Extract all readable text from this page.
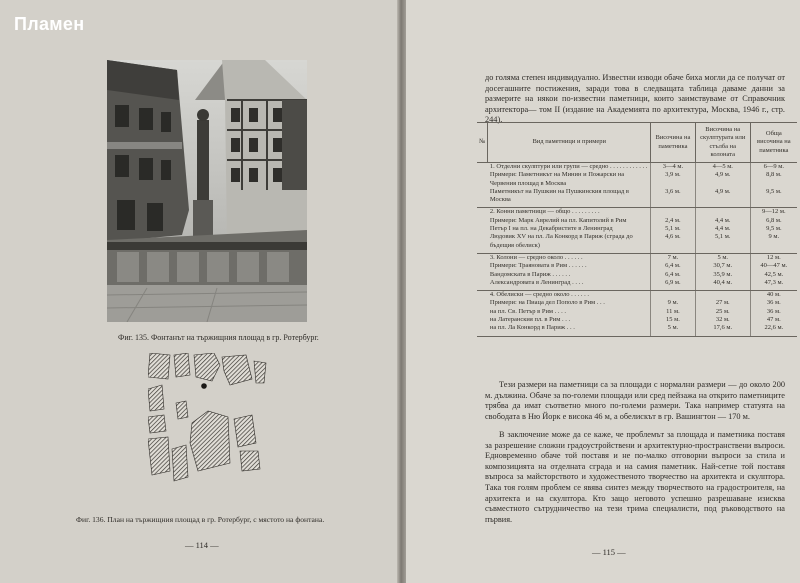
Пламен
Фиг. 135. Фонтанът на тържищния площад в гр. Ротербург.
Фиг. 136. План на тържищния площад в гр. Ротербург, с мястото на фонтана.
— 114 —

до голяма степен индивидуално. Известни изводи обаче биха могли да се получат от досегашните постижения, заради това в следващата таблица даваме данни за размерите на някои по-известни паметници, които заимствуваме от Справочник архитектора— том II (издание на Академията по архитектура, Москва, 1946 г., стр. 244).

№	Вид паметници и примери	Височина на паметника	Височина на скулптурата или стълба на колоната	Обща височина на паметника
	1. Отделни скулптури или групи — средно . . . . . . . . . . . .	3—4 м.	4—5 м.	6—9 м.
	Примери: Паметникът на Минин и Пожарски на Червения площад в Москва	3,9 м.	4,9 м.	8,8 м.
	Паметникът на Пушкин на Пушкинския площад в Москва	3,6 м.	4,9 м.	9,5 м.
	2. Конни паметници — общо . . . . . . . . .			9—12 м.
	Примери: Марк Аврелий на пл. Капитолий в Рим	2,4 м.	4,4 м.	6,8 м.
	Петър I на пл. на Декабристите в Ленинград	5,1 м.	4,4 м.	9,5 м.
	Людовик XV на пл. Ла Конкорд в Париж (сграда до бъдещия обелиск)	4,6 м.	5,1 м.	9 м.
	3. Колони — средно около . . . . . .	7 м.	5 м.	12 м.
	Примери: Траяновата в Рим . . . . . .	6,4 м.	30,7 м.	40—47 м.
	Вандомската в Париж . . . . . .	6,4 м.	35,9 м.	42,5 м.
	Александровата в Ленинград . . . .	6,9 м.	40,4 м.	47,3 м.
	4. Обелиски — средно около . . . . . .			40 м.
	Примери: на Пиаца дел Пополо в Рим . . .	9 м.	27 м.	36 м.
	на пл. Св. Петър в Рим . . . .	11 м.	25 м.	36 м.
	на Латеранския пл. в Рим . . .	15 м.	32 м.	47 м.
	на пл. Ла Конкорд в Париж . . .	5 м.	17,6 м.	22,6 м.

Тези размери на паметници са за площади с нормални размери — до около 200 м. дължина. Обаче за по-големи площади или сред пейзажа на открито паметниците трябва да имат съответно много по-големи размери. Така например статуята на свободата в Ню Йорк е висока 46 м, а обелискът в гр. Вашингтон — 170 м.

В заключение може да се каже, че проблемът за площада и паметника поставя за разрешение сложни градоустройствени и архитектурно-пространствени въпроси. Едновременно обаче той поставя и не по-малко отговорни въпроси за стила и композицията на отделната сграда и на самия паметник. Най-сетне той поставя въпроса за майсторството и художественото творчество на архитекта и скулптора. Така тоя голям проблем се явява синтез между творчеството на градостроителя, на архитекта и на скулптора. Кто защо неговото успешно разрешаване изисква съвместното сътрудничество на тези трима специалисти, под ръководството на първия.

— 115 —
